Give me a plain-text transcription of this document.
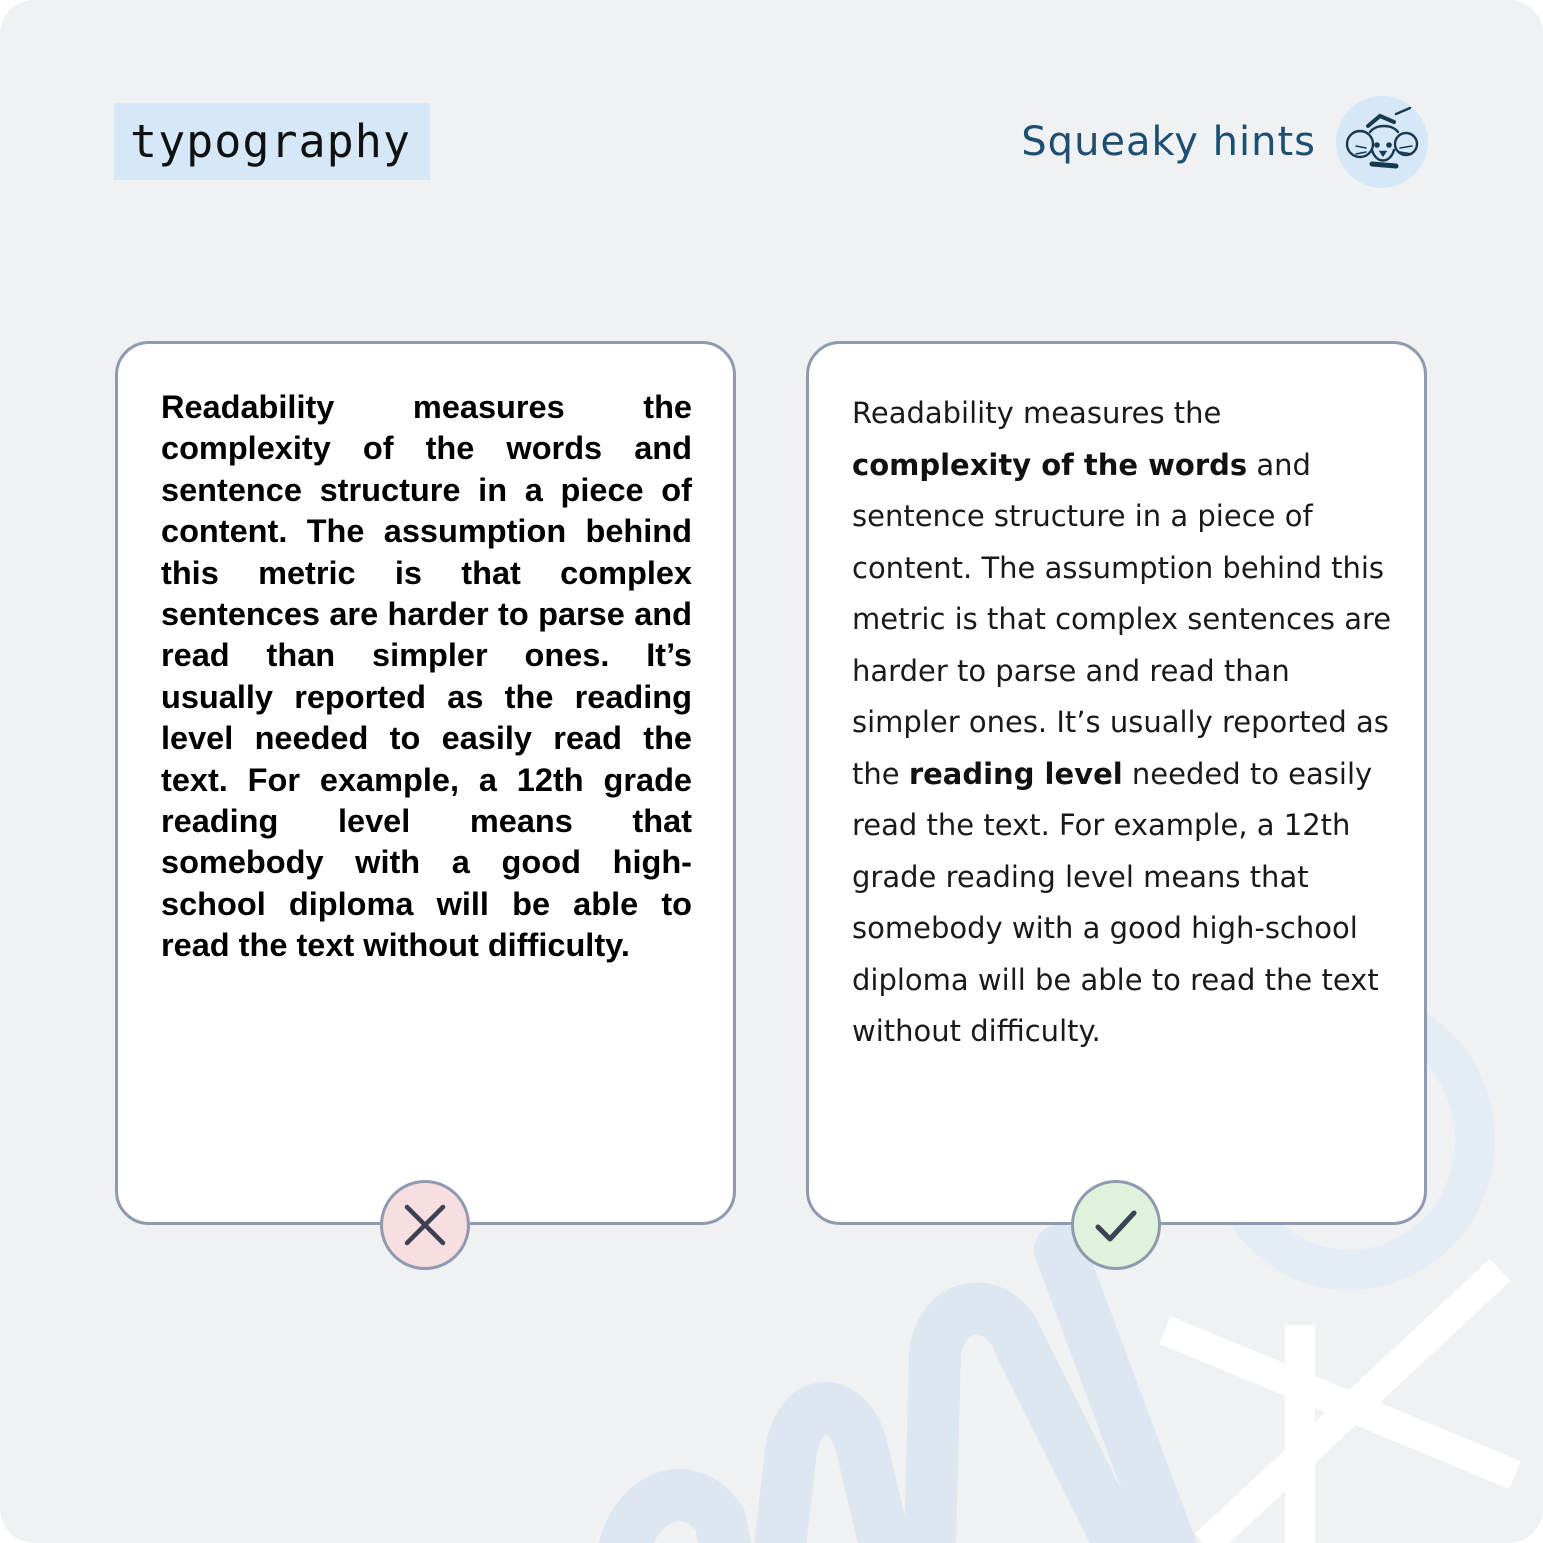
typography	Squeaky hints
Readability measures the complexity of the words and sentence structure in a piece of content. The assumption behind this metric is that complex sentences are harder to parse and read than simpler ones. It’s usually reported as the reading level needed to easily read the text. For example, a 12th grade reading level means that somebody with a good high-school diploma will be able to read the text without difficulty.
Readability measures the complexity of the words and sentence structure in a piece of content. The assumption behind this metric is that complex sentences are harder to parse and read than simpler ones. It’s usually reported as the reading level needed to easily read the text. For example, a 12th grade reading level means that somebody with a good high-school diploma will be able to read the text without difficulty.
